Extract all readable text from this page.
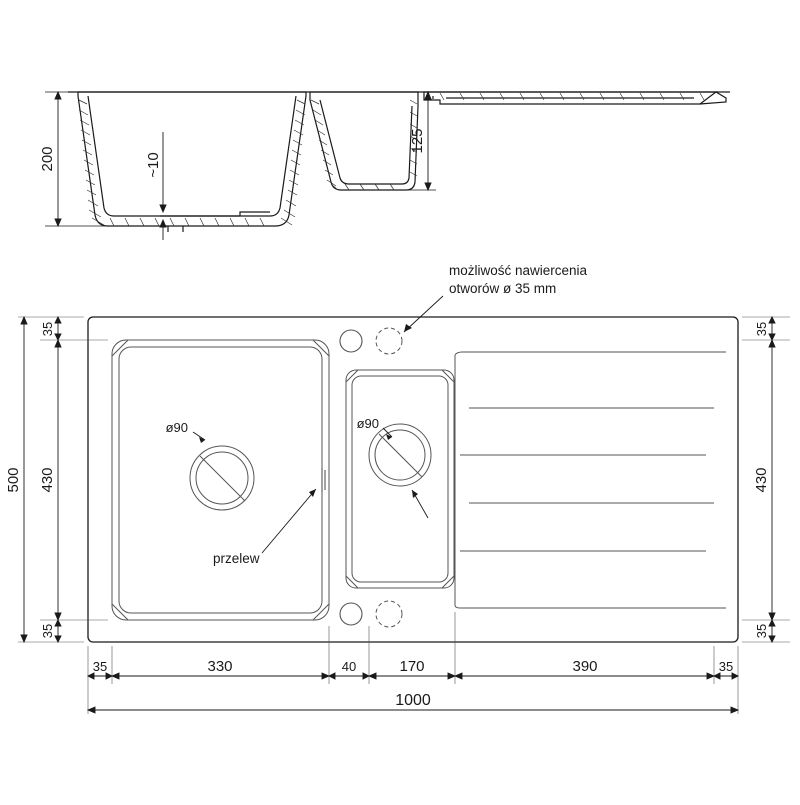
200	~10
125
ø90
przelew
ø90
możliwość nawiercenia
otworów ø 35 mm
500
35
430
35
35
430
35
35	330	40	170	390	35
1000
